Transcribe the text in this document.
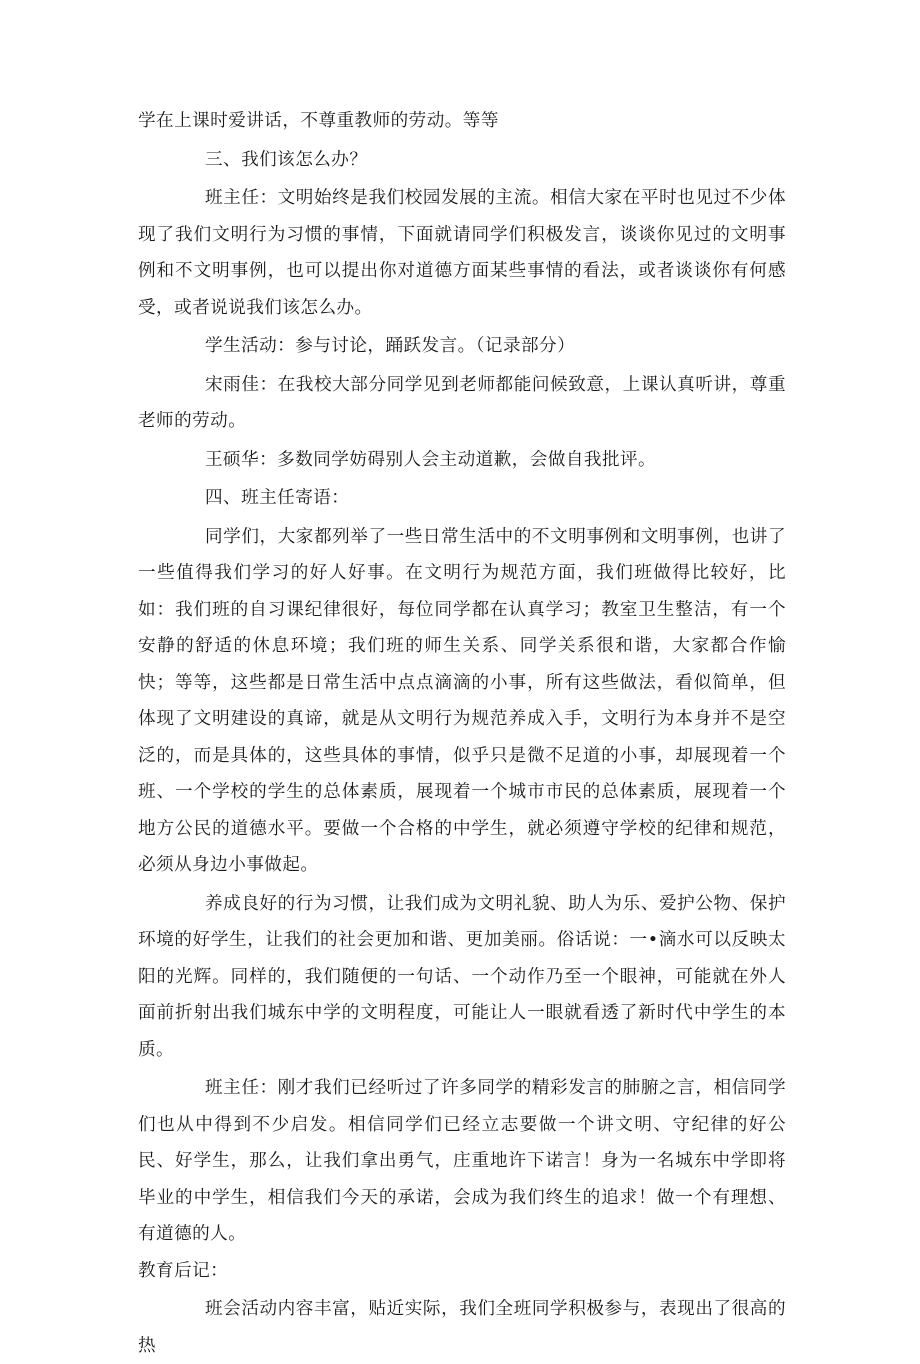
学在上课时爱讲话，不尊重教师的劳动。等等

三、我们该怎么办？

班主任：文明始终是我们校园发展的主流。相信大家在平时也见过不少体现了我们文明行为习惯的事情，下面就请同学们积极发言，谈谈你见过的文明事例和不文明事例，也可以提出你对道德方面某些事情的看法，或者谈谈你有何感受，或者说说我们该怎么办。

学生活动：参与讨论，踊跃发言。（记录部分）

宋雨佳：在我校大部分同学见到老师都能问候致意，上课认真听讲，尊重老师的劳动。

王硕华：多数同学妨碍别人会主动道歉，会做自我批评。

四、班主任寄语：

同学们，大家都列举了一些日常生活中的不文明事例和文明事例，也讲了一些值得我们学习的好人好事。在文明行为规范方面，我们班做得比较好，比如：我们班的自习课纪律很好，每位同学都在认真学习；教室卫生整洁，有一个安静的舒适的休息环境；我们班的师生关系、同学关系很和谐，大家都合作愉快；等等，这些都是日常生活中点点滴滴的小事，所有这些做法，看似简单，但体现了文明建设的真谛，就是从文明行为规范养成入手，文明行为本身并不是空泛的，而是具体的，这些具体的事情，似乎只是微不足道的小事，却展现着一个班、一个学校的学生的总体素质，展现着一个城市市民的总体素质，展现着一个地方公民的道德水平。要做一个合格的中学生，就必须遵守学校的纪律和规范，必须从身边小事做起。

养成良好的行为习惯，让我们成为文明礼貌、助人为乐、爱护公物、保护环境的好学生，让我们的社会更加和谐、更加美丽。俗话说：一•滴水可以反映太阳的光辉。同样的，我们随便的一句话、一个动作乃至一个眼神，可能就在外人面前折射出我们城东中学的文明程度，可能让人一眼就看透了新时代中学生的本质。

班主任：刚才我们已经听过了许多同学的精彩发言的肺腑之言，相信同学们也从中得到不少启发。相信同学们已经立志要做一个讲文明、守纪律的好公民、好学生，那么，让我们拿出勇气，庄重地许下诺言！身为一名城东中学即将毕业的中学生，相信我们今天的承诺，会成为我们终生的追求！做一个有理想、有道德的人。

教育后记：

班会活动内容丰富，贴近实际，我们全班同学积极参与，表现出了很高的热
